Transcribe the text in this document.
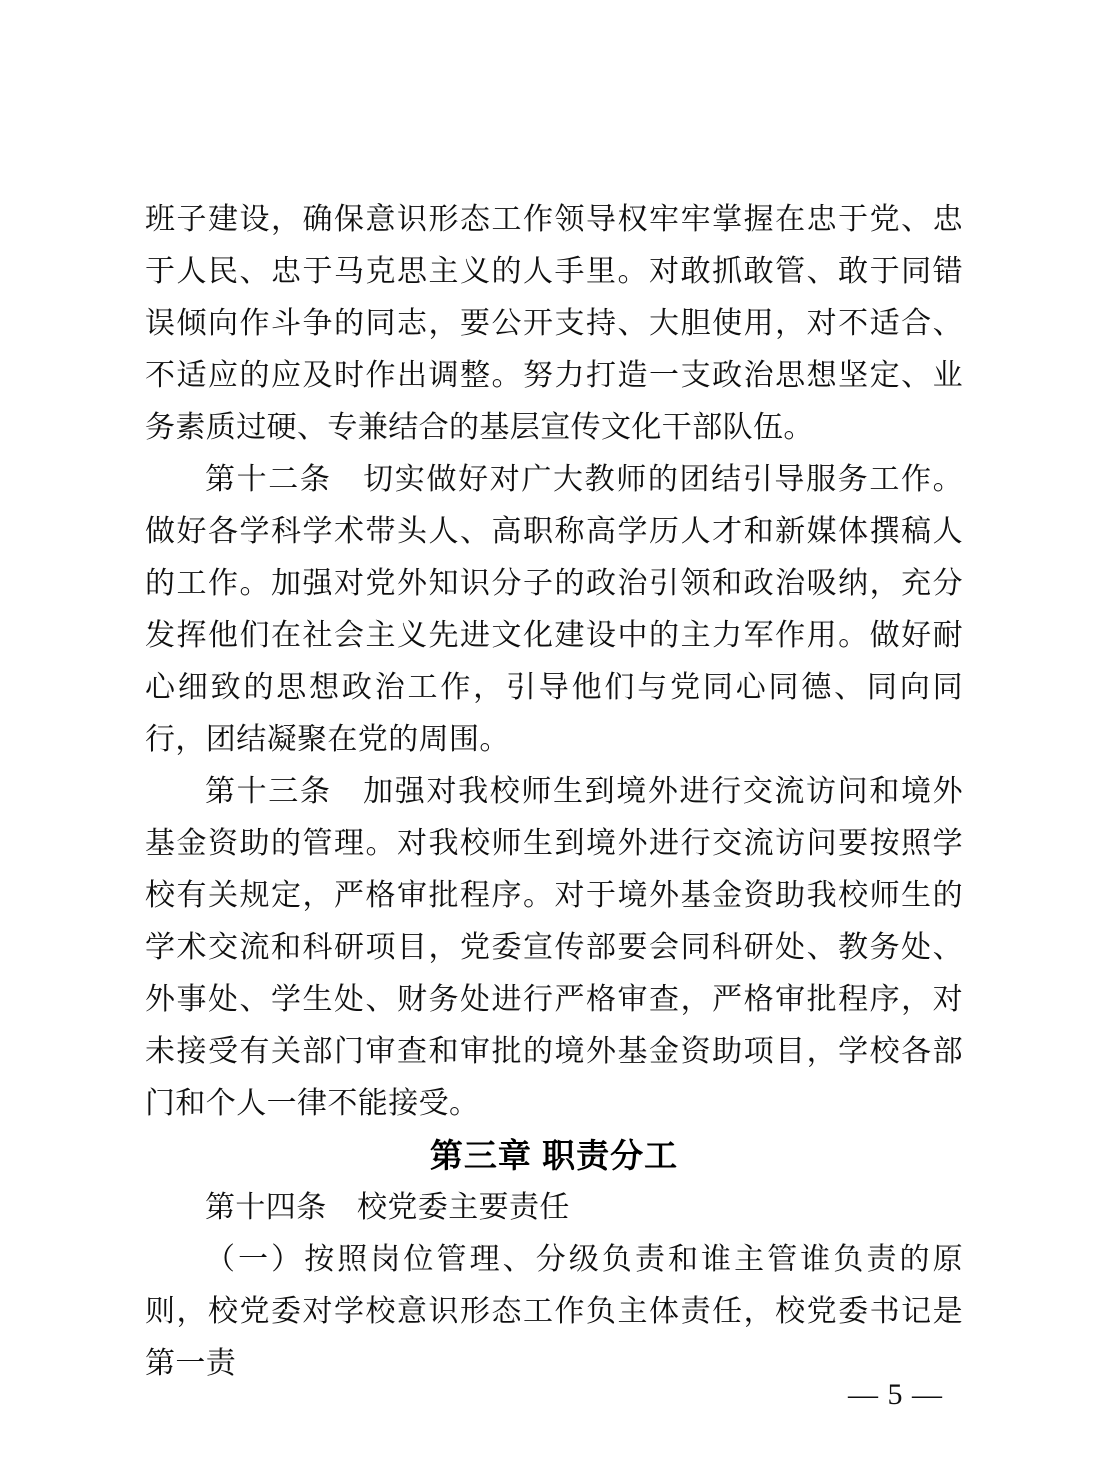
班子建设，确保意识形态工作领导权牢牢掌握在忠于党、忠于人民、忠于马克思主义的人手里。对敢抓敢管、敢于同错误倾向作斗争的同志，要公开支持、大胆使用，对不适合、不适应的应及时作出调整。努力打造一支政治思想坚定、业务素质过硬、专兼结合的基层宣传文化干部队伍。

第十二条　切实做好对广大教师的团结引导服务工作。做好各学科学术带头人、高职称高学历人才和新媒体撰稿人的工作。加强对党外知识分子的政治引领和政治吸纳，充分发挥他们在社会主义先进文化建设中的主力军作用。做好耐心细致的思想政治工作，引导他们与党同心同德、同向同行，团结凝聚在党的周围。

第十三条　加强对我校师生到境外进行交流访问和境外基金资助的管理。对我校师生到境外进行交流访问要按照学校有关规定，严格审批程序。对于境外基金资助我校师生的学术交流和科研项目，党委宣传部要会同科研处、教务处、外事处、学生处、财务处进行严格审查，严格审批程序，对未接受有关部门审查和审批的境外基金资助项目，学校各部门和个人一律不能接受。

第三章 职责分工

第十四条　校党委主要责任

（一）按照岗位管理、分级负责和谁主管谁负责的原则，校党委对学校意识形态工作负主体责任，校党委书记是第一责

— 5 —
